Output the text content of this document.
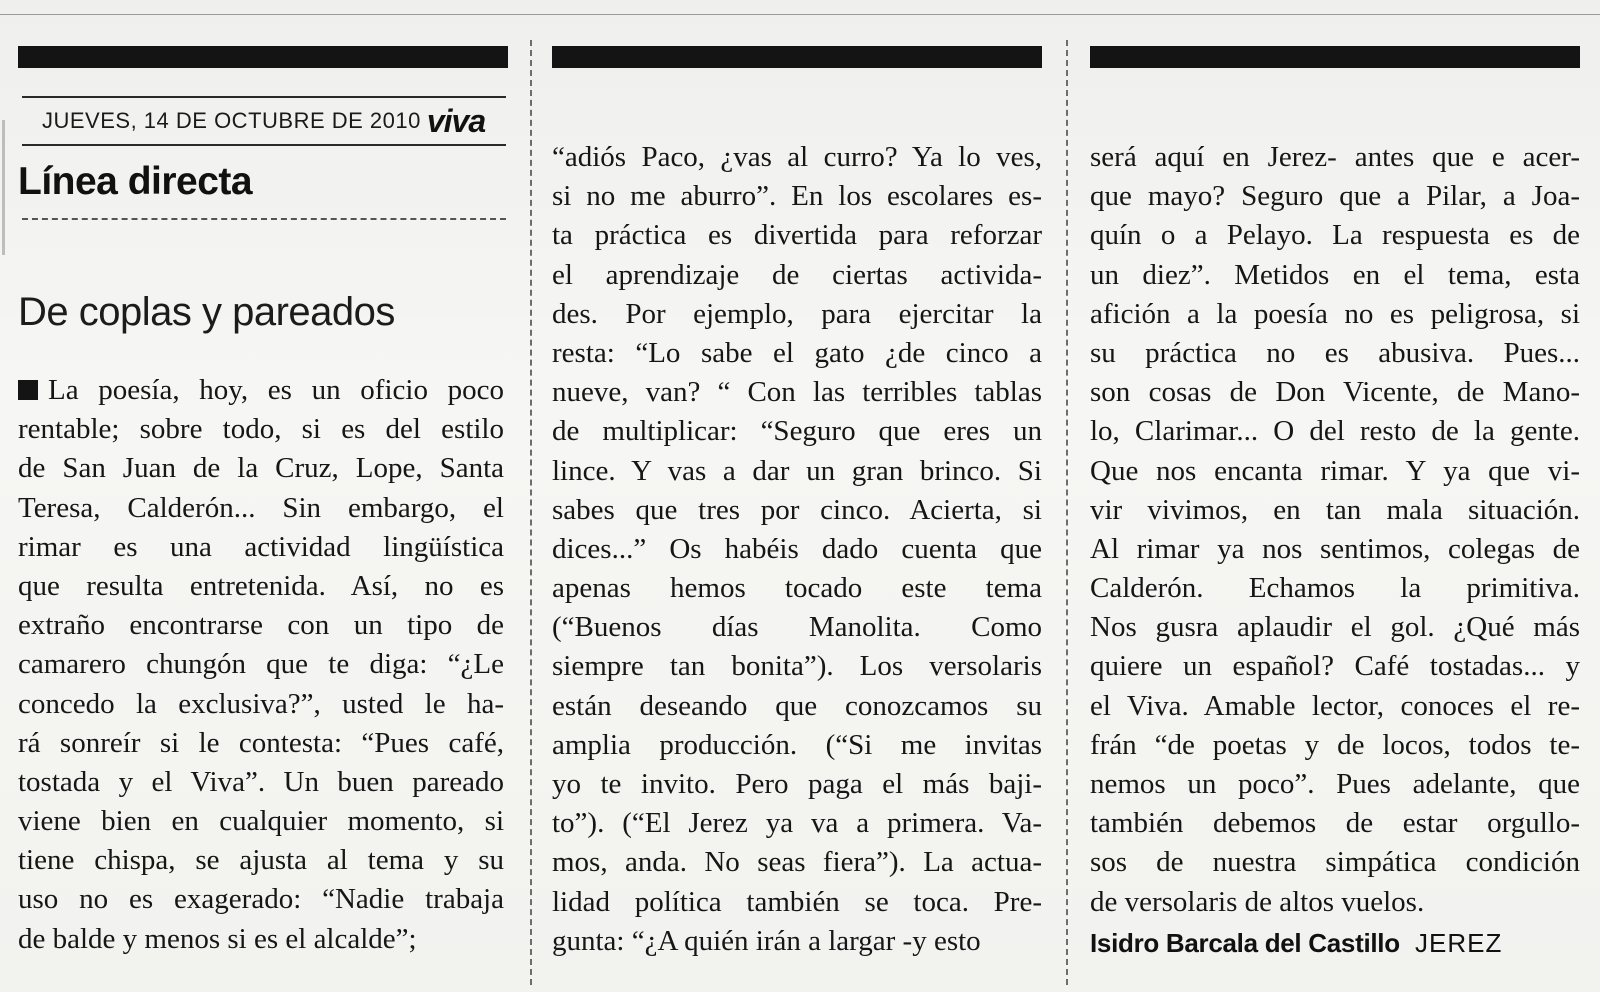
JUEVES, 14 DE OCTUBRE DE 2010 viva
Línea directa
De coplas y pareados
La poesía, hoy, es un oficio poco
rentable; sobre todo, si es del estilo
de San Juan de la Cruz, Lope, Santa
Teresa, Calderón... Sin embargo, el
rimar es una actividad lingüística
que resulta entretenida. Así, no es
extraño encontrarse con un tipo de
camarero chungón que te diga: “¿Le
concedo la exclusiva?”, usted le ha-
rá sonreír si le contesta: “Pues café,
tostada y el Viva”. Un buen pareado
viene bien en cualquier momento, si
tiene chispa, se ajusta al tema y su
uso no es exagerado: “Nadie trabaja
de balde y menos si es el alcalde”;
“adiós Paco, ¿vas al curro? Ya lo ves,
si no me aburro”. En los escolares es-
ta práctica es divertida para reforzar
el aprendizaje de ciertas activida-
des. Por ejemplo, para ejercitar la
resta: “Lo sabe el gato ¿de cinco a
nueve, van? “ Con las terribles tablas
de multiplicar: “Seguro que eres un
lince. Y vas a dar un gran brinco. Si
sabes que tres por cinco. Acierta, si
dices...” Os habéis dado cuenta que
apenas hemos tocado este tema
(“Buenos días Manolita. Como
siempre tan bonita”). Los versolaris
están deseando que conozcamos su
amplia producción. (“Si me invitas
yo te invito. Pero paga el más baji-
to”). (“El Jerez ya va a primera. Va-
mos, anda. No seas fiera”). La actua-
lidad política también se toca. Pre-
gunta: “¿A quién irán a largar -y esto
será aquí en Jerez- antes que e acer-
que mayo? Seguro que a Pilar, a Joa-
quín o a Pelayo. La respuesta es de
un diez”. Metidos en el tema, esta
afición a la poesía no es peligrosa, si
su práctica no es abusiva. Pues...
son cosas de Don Vicente, de Mano-
lo, Clarimar... O del resto de la gente.
Que nos encanta rimar. Y ya que vi-
vir vivimos, en tan mala situación.
Al rimar ya nos sentimos, colegas de
Calderón. Echamos la primitiva.
Nos gusra aplaudir el gol. ¿Qué más
quiere un español? Café tostadas... y
el Viva. Amable lector, conoces el re-
frán “de poetas y de locos, todos te-
nemos un poco”. Pues adelante, que
también debemos de estar orgullo-
sos de nuestra simpática condición
de versolaris de altos vuelos.
Isidro Barcala del Castillo JEREZ
